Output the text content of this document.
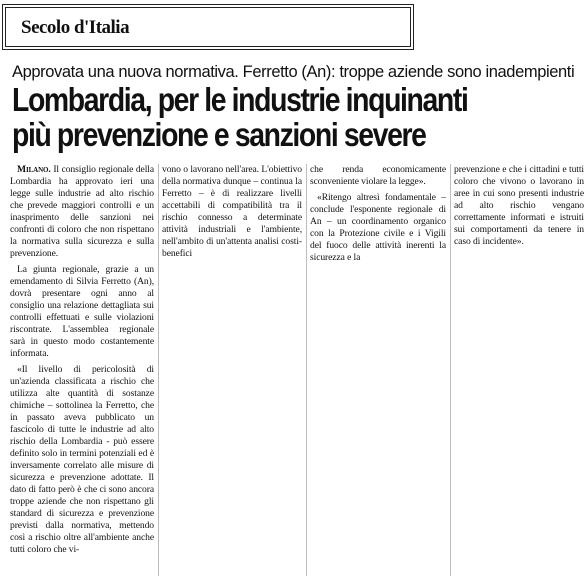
Secolo d'Italia
Approvata una nuova normativa. Ferretto (An): troppe aziende sono inadempienti
Lombardia, per le industrie inquinanti
più prevenzione e sanzioni severe

Milano. Il consiglio regionale della Lombardia ha approvato ieri una legge sulle industrie ad alto rischio che prevede maggiori controlli e un inasprimento delle sanzioni nei confronti di coloro che non rispettano la normativa sulla sicurezza e sulla prevenzione.

La giunta regionale, grazie a un emendamento di Silvia Ferretto (An), dovrà presentare ogni anno al consiglio una relazione dettagliata sui controlli effettuati e sulle violazioni riscontrate. L'assemblea regionale sarà in questo modo costantemente informata.

«Il livello di pericolosità di un'azienda classificata a rischio che utilizza alte quantità di sostanze chimiche – sottolinea la Ferretto, che in passato aveva pubblicato un fascicolo di tutte le industrie ad alto rischio della Lombardia - può essere definito solo in termini potenziali ed è inversamente correlato alle misure di sicurezza e prevenzione adottate. Il dato di fatto però è che ci sono ancora troppe aziende che non rispettano gli standard di sicurezza e prevenzione previsti dalla normativa, mettendo così a rischio oltre all'ambiente anche tutti coloro che vi-

vono o lavorano nell'area. L'obiettivo della normativa dunque – continua la Ferretto – è di realizzare livelli accettabili di compatibilità tra il rischio connesso a determinate attività industriali e l'ambiente, nell'ambito di un'attenta analisi costi-benefici

che renda economicamente sconveniente violare la legge».

«Ritengo altresì fondamentale – conclude l'esponente regionale di An – un coordinamento organico con la Protezione civile e i Vigili del fuoco delle attività inerenti la sicurezza e la

prevenzione e che i cittadini e tutti coloro che vivono o lavorano in aree in cui sono presenti industrie ad alto rischio vengano correttamente informati e istruiti sui comportamenti da tenere in caso di incidente».
